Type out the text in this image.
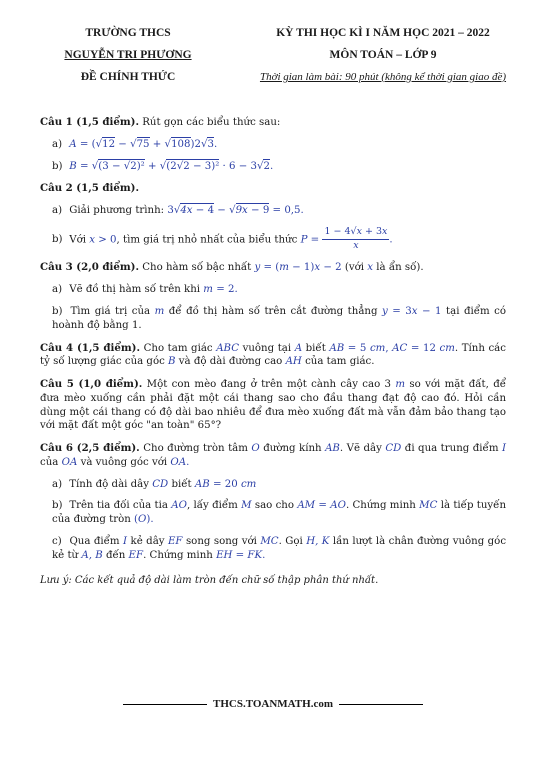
TRƯỜNG THCS
NGUYỄN TRI PHƯƠNG
ĐỀ CHÍNH THỨC
KỲ THI HỌC KÌ I NĂM HỌC 2021 – 2022
MÔN TOÁN – LỚP 9
Thời gian làm bài: 90 phút (không kể thời gian giao đề)
Câu 1 (1,5 điểm). Rút gọn các biểu thức sau:
a) A = (√12 − √75 + √108)2√3.
b) B = √(3 − √2)² + √(2√2 − 3)² · 6 − 3√2.
Câu 2 (1,5 điểm).
a) Giải phương trình: 3√4x − 4 − √9x − 9 = 0,5.
b) Với x > 0, tìm giá trị nhỏ nhất của biểu thức $P = \frac{1 - 4√x + 3x}{x}$ .
Câu 3 (2,0 điểm). Cho hàm số bậc nhất y = (m − 1)x − 2 (với x là ẩn số).
a) Vẽ đồ thị hàm số trên khi m = 2.
b) Tìm giá trị của m để đồ thị hàm số trên cắt đường thẳng y = 3x − 1 tại điểm có hoành độ bằng 1.
Câu 4 (1,5 điểm). Cho tam giác ABC vuông tại A biết AB = 5 cm, AC = 12 cm. Tính các tỷ số lượng giác của góc B và độ dài đường cao AH của tam giác.
Câu 5 (1,0 điểm). Một con mèo đang ở trên một cành cây cao 3 m so với mặt đất, để đưa mèo xuống cần phải đặt một cái thang sao cho đầu thang đạt độ cao đó. Hỏi cần dùng một cái thang có độ dài bao nhiêu để đưa mèo xuống đất mà vẫn đảm bảo thang tạo với mặt đất một góc "an toàn" 65°?
Câu 6 (2,5 điểm). Cho đường tròn tâm O đường kính AB. Vẽ dây CD đi qua trung điểm I của OA và vuông góc với OA.
a) Tính độ dài dây CD biết AB = 20 cm
b) Trên tia đối của tia AO, lấy điểm M sao cho AM = AO. Chứng minh MC là tiếp tuyến của đường tròn (O).
c) Qua điểm I kẻ dây EF song song với MC. Gọi H, K lần lượt là chân đường vuông góc kẻ từ A, B đến EF. Chứng minh EH = FK.
Lưu ý: Các kết quả độ dài làm tròn đến chữ số thập phân thứ nhất.
THCS.TOANMATH.com
